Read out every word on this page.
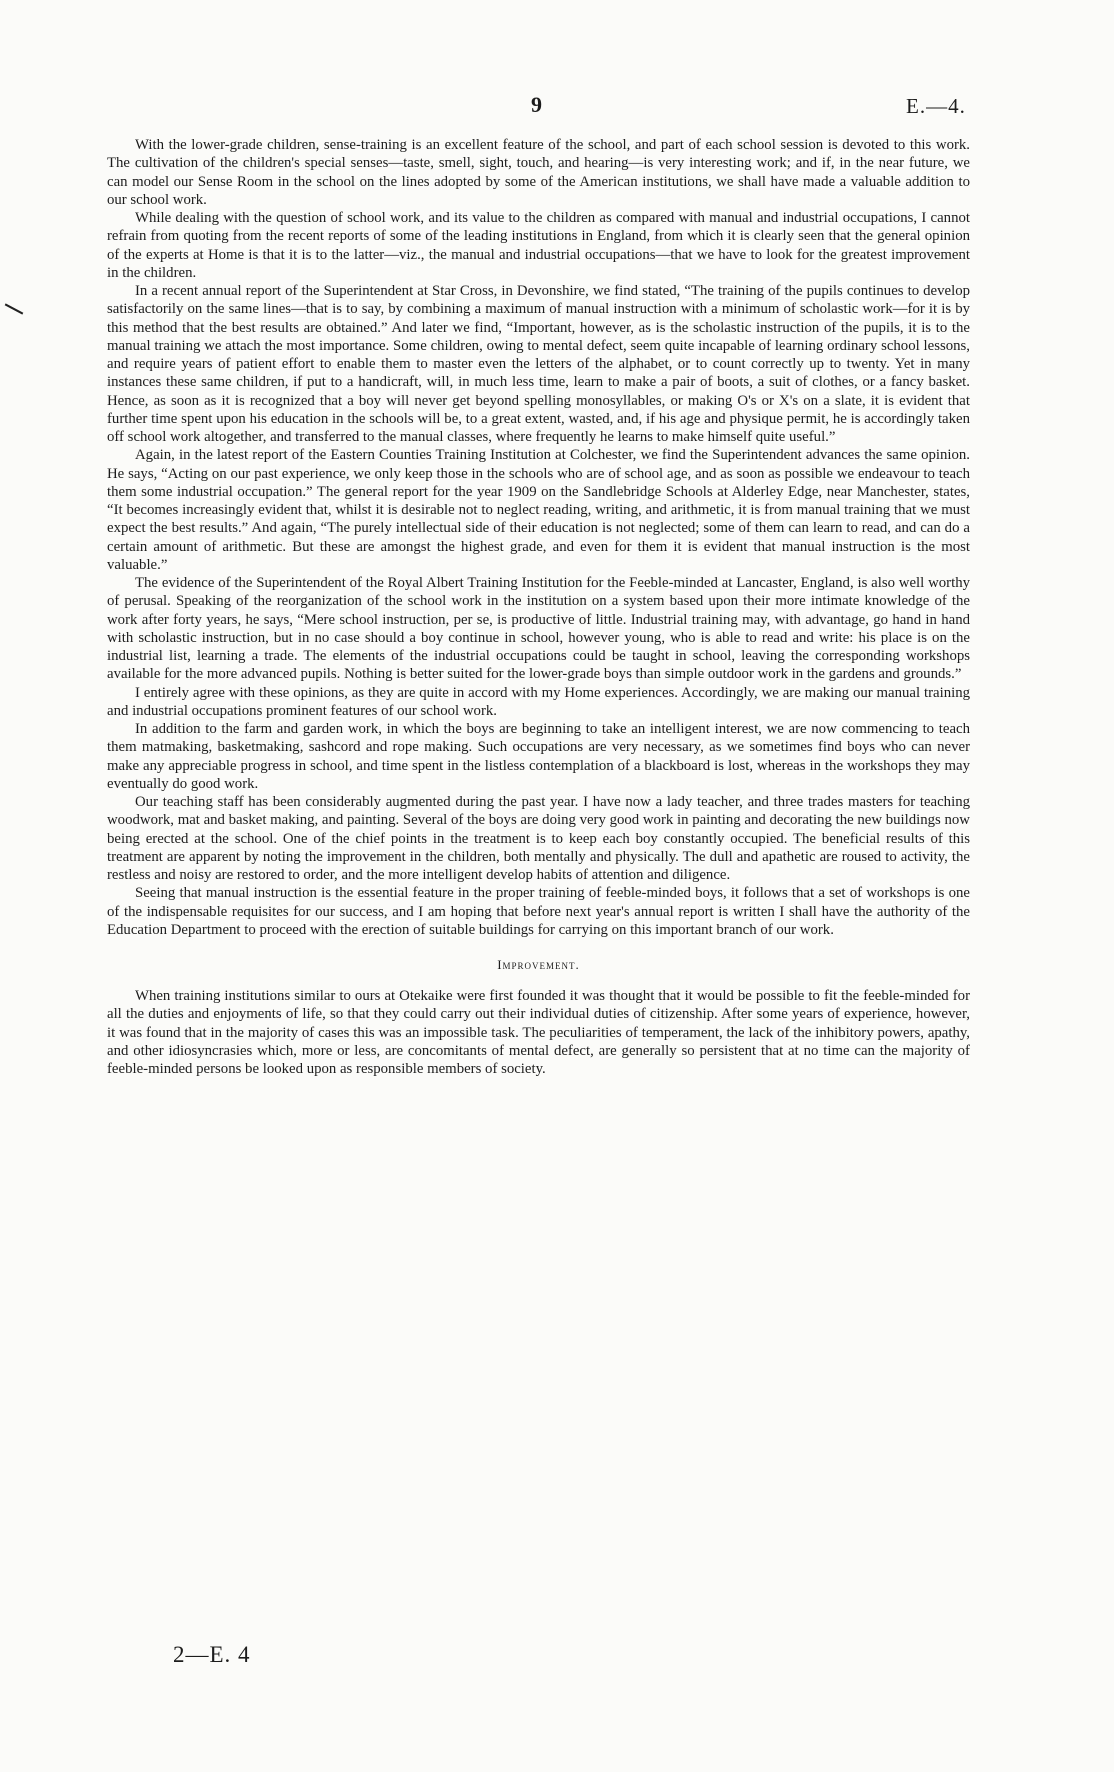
9	E.—4.

With the lower-grade children, sense-training is an excellent feature of the school, and part of each school session is devoted to this work. The cultivation of the children's special senses—taste, smell, sight, touch, and hearing—is very interesting work; and if, in the near future, we can model our Sense Room in the school on the lines adopted by some of the American institutions, we shall have made a valuable addition to our school work.

While dealing with the question of school work, and its value to the children as compared with manual and industrial occupations, I cannot refrain from quoting from the recent reports of some of the leading institutions in England, from which it is clearly seen that the general opinion of the experts at Home is that it is to the latter—viz., the manual and industrial occupations—that we have to look for the greatest improvement in the children.

In a recent annual report of the Superintendent at Star Cross, in Devonshire, we find stated, “The training of the pupils continues to develop satisfactorily on the same lines—that is to say, by combining a maximum of manual instruction with a minimum of scholastic work—for it is by this method that the best results are obtained.” And later we find, “Important, however, as is the scholastic instruction of the pupils, it is to the manual training we attach the most importance. Some children, owing to mental defect, seem quite incapable of learning ordinary school lessons, and require years of patient effort to enable them to master even the letters of the alphabet, or to count correctly up to twenty. Yet in many instances these same children, if put to a handicraft, will, in much less time, learn to make a pair of boots, a suit of clothes, or a fancy basket. Hence, as soon as it is recognized that a boy will never get beyond spelling monosyllables, or making O's or X's on a slate, it is evident that further time spent upon his education in the schools will be, to a great extent, wasted, and, if his age and physique permit, he is accordingly taken off school work altogether, and transferred to the manual classes, where frequently he learns to make himself quite useful.”

Again, in the latest report of the Eastern Counties Training Institution at Colchester, we find the Superintendent advances the same opinion. He says, “Acting on our past experience, we only keep those in the schools who are of school age, and as soon as possible we endeavour to teach them some industrial occupation.” The general report for the year 1909 on the Sandlebridge Schools at Alderley Edge, near Manchester, states, “It becomes increasingly evident that, whilst it is desirable not to neglect reading, writing, and arithmetic, it is from manual training that we must expect the best results.” And again, “The purely intellectual side of their education is not neglected; some of them can learn to read, and can do a certain amount of arithmetic. But these are amongst the highest grade, and even for them it is evident that manual instruction is the most valuable.”

The evidence of the Superintendent of the Royal Albert Training Institution for the Feeble-minded at Lancaster, England, is also well worthy of perusal. Speaking of the reorganization of the school work in the institution on a system based upon their more intimate knowledge of the work after forty years, he says, “Mere school instruction, per se, is productive of little. Industrial training may, with advantage, go hand in hand with scholastic instruction, but in no case should a boy continue in school, however young, who is able to read and write: his place is on the industrial list, learning a trade. The elements of the industrial occupations could be taught in school, leaving the corresponding workshops available for the more advanced pupils. Nothing is better suited for the lower-grade boys than simple outdoor work in the gardens and grounds.”

I entirely agree with these opinions, as they are quite in accord with my Home experiences. Accordingly, we are making our manual training and industrial occupations prominent features of our school work.

In addition to the farm and garden work, in which the boys are beginning to take an intelligent interest, we are now commencing to teach them matmaking, basketmaking, sashcord and rope making. Such occupations are very necessary, as we sometimes find boys who can never make any appreciable progress in school, and time spent in the listless contemplation of a blackboard is lost, whereas in the workshops they may eventually do good work.

Our teaching staff has been considerably augmented during the past year. I have now a lady teacher, and three trades masters for teaching woodwork, mat and basket making, and painting. Several of the boys are doing very good work in painting and decorating the new buildings now being erected at the school. One of the chief points in the treatment is to keep each boy constantly occupied. The beneficial results of this treatment are apparent by noting the improvement in the children, both mentally and physically. The dull and apathetic are roused to activity, the restless and noisy are restored to order, and the more intelligent develop habits of attention and diligence.

Seeing that manual instruction is the essential feature in the proper training of feeble-minded boys, it follows that a set of workshops is one of the indispensable requisites for our success, and I am hoping that before next year's annual report is written I shall have the authority of the Education Department to proceed with the erection of suitable buildings for carrying on this important branch of our work.

Improvement.

When training institutions similar to ours at Otekaike were first founded it was thought that it would be possible to fit the feeble-minded for all the duties and enjoyments of life, so that they could carry out their individual duties of citizenship. After some years of experience, however, it was found that in the majority of cases this was an impossible task. The peculiarities of temperament, the lack of the inhibitory powers, apathy, and other idiosyncrasies which, more or less, are concomitants of mental defect, are generally so persistent that at no time can the majority of feeble-minded persons be looked upon as responsible members of society.

2—E. 4
